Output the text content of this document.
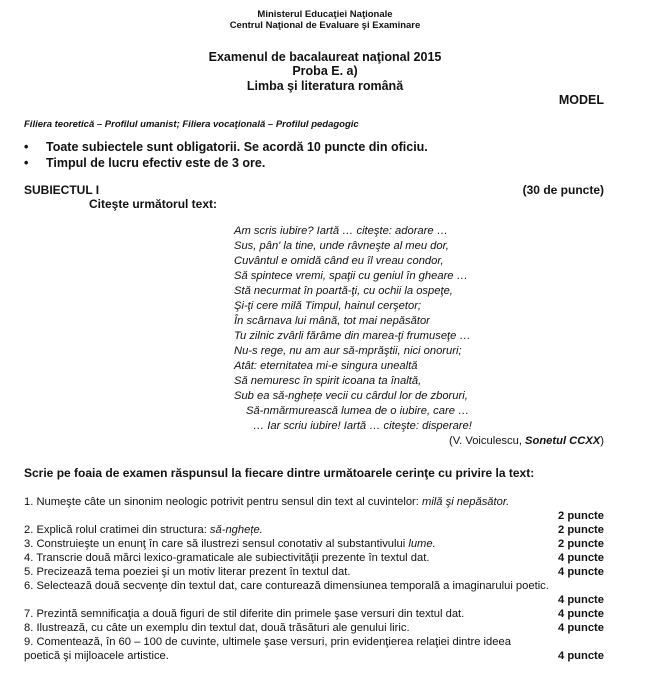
Ministerul Educaţiei Naţionale
Centrul Naţional de Evaluare şi Examinare
Examenul de bacalaureat naţional 2015
Proba E. a)
Limba şi literatura română
MODEL
Filiera teoretică – Profilul umanist; Filiera vocaţională – Profilul pedagogic
• Toate subiectele sunt obligatorii. Se acordă 10 puncte din oficiu.
• Timpul de lucru efectiv este de 3 ore.
SUBIECTUL I	(30 de puncte)
Citeşte următorul text:
Am scris iubire? Iartă … citeşte: adorare …
Sus, pân' la tine, unde râvneşte al meu dor,
Cuvântul e omidă când eu îl vreau condor,
Să spintece vremi, spaţii cu geniul în gheare …
Stă necurmat în poartă-ţi, cu ochii la ospeţe,
Şi-ţi cere milă Timpul, hainul cerşetor;
În scârnava lui mână, tot mai nepăsător
Tu zilnic zvârli fărâme din marea-ţi frumuseţe …
Nu-s rege, nu am aur să-mprăştii, nici onoruri;
Atât: eternitatea mi-e singura unealtă
Să nemuresc în spirit icoana ta înaltă,
Sub ea să-nghețe vecii cu cârdul lor de zboruri,
Să-nmărmurească lumea de o iubire, care …
… Iar scriu iubire! Iartă … citeşte: disperare!
(V. Voiculescu, Sonetul CCXX)
Scrie pe foaia de examen răspunsul la fiecare dintre următoarele cerinţe cu privire la text:
1. Numeşte câte un sinonim neologic potrivit pentru sensul din text al cuvintelor: milă şi nepăsător.
2 puncte
2. Explică rolul cratimei din structura: să-nghețe.	2 puncte
3. Construieşte un enunţ în care să ilustrezi sensul conotativ al substantivului lume.	2 puncte
4. Transcrie două mărci lexico-gramaticale ale subiectivităţii prezente în textul dat.	4 puncte
5. Precizează tema poeziei şi un motiv literar prezent în textul dat.	4 puncte
6. Selectează două secvenţe din textul dat, care conturează dimensiunea temporală a imaginarului poetic.
4 puncte
7. Prezintă semnificaţia a două figuri de stil diferite din primele şase versuri din textul dat.	4 puncte
8. Ilustrează, cu câte un exemplu din textul dat, două trăsături ale genului liric.	4 puncte
9. Comentează, în 60 – 100 de cuvinte, ultimele şase versuri, prin evidenţierea relaţiei dintre ideea
poetică şi mijloacele artistice.	4 puncte
